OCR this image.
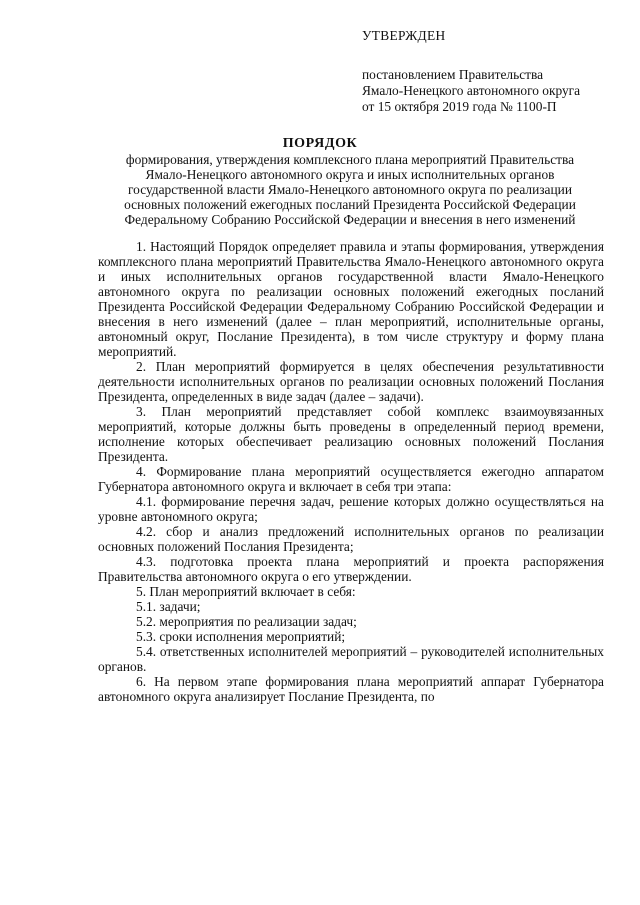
УТВЕРЖДЕН
постановлением Правительства
Ямало-Ненецкого автономного округа
от 15 октября 2019 года № 1100-П
ПОРЯДОК
формирования, утверждения комплексного плана мероприятий Правительства
Ямало-Ненецкого автономного округа и иных исполнительных органов
государственной власти Ямало-Ненецкого автономного округа по реализации
основных положений ежегодных посланий Президента Российской Федерации
Федеральному Собранию Российской Федерации и внесения в него изменений

1. Настоящий Порядок определяет правила и этапы формирования, утверждения комплексного плана мероприятий Правительства Ямало-Ненецкого автономного округа и иных исполнительных органов государственной власти Ямало-Ненецкого автономного округа по реализации основных положений ежегодных посланий Президента Российской Федерации Федеральному Собранию Российской Федерации и внесения в него изменений (далее – план мероприятий, исполнительные органы, автономный округ, Послание Президента), в том числе структуру и форму плана мероприятий.

2. План мероприятий формируется в целях обеспечения результативности деятельности исполнительных органов по реализации основных положений Послания Президента, определенных в виде задач (далее – задачи).

3. План мероприятий представляет собой комплекс взаимоувязанных мероприятий, которые должны быть проведены в определенный период времени, исполнение которых обеспечивает реализацию основных положений Послания Президента.

4. Формирование плана мероприятий осуществляется ежегодно аппаратом Губернатора автономного округа и включает в себя три этапа:

4.1. формирование перечня задач, решение которых должно осуществляться на уровне автономного округа;

4.2. сбор и анализ предложений исполнительных органов по реализации основных положений Послания Президента;

4.3. подготовка проекта плана мероприятий и проекта распоряжения Правительства автономного округа о его утверждении.

5. План мероприятий включает в себя:

5.1. задачи;

5.2. мероприятия по реализации задач;

5.3. сроки исполнения мероприятий;

5.4. ответственных исполнителей мероприятий – руководителей исполнительных органов.

6. На первом этапе формирования плана мероприятий аппарат Губернатора автономного округа анализирует Послание Президента, по
